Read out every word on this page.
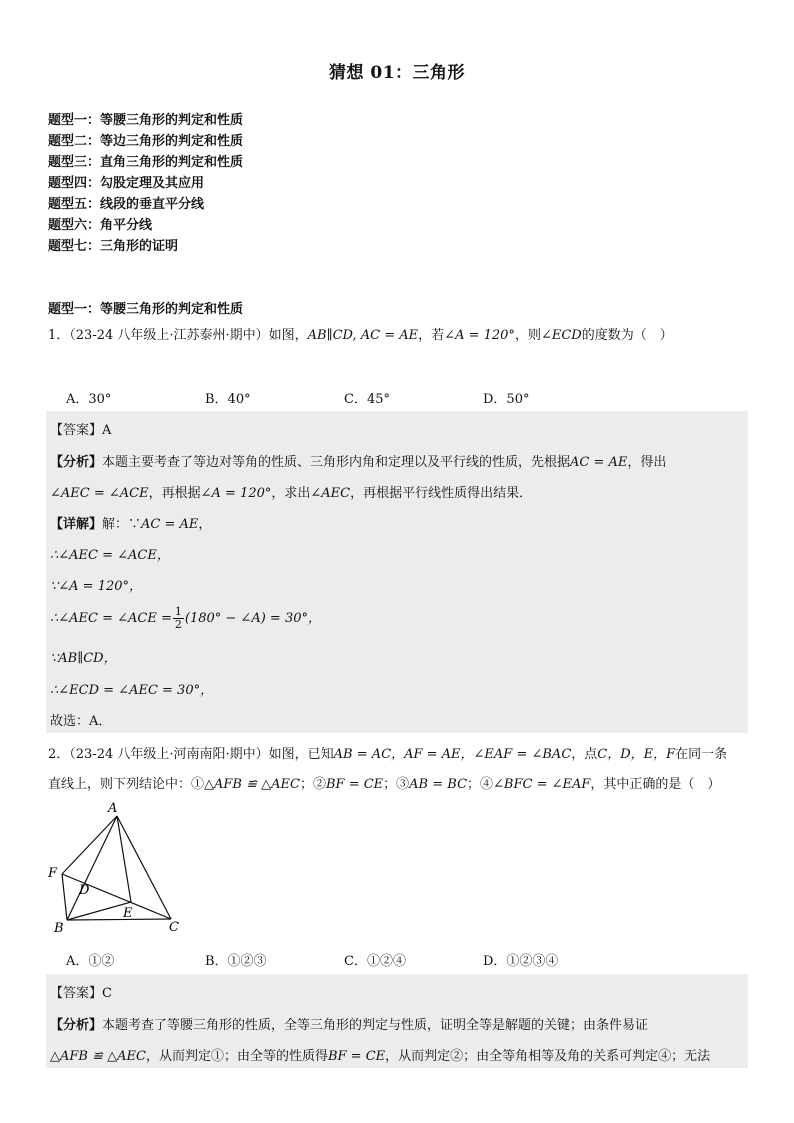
猜想 01：三角形
题型一：等腰三角形的判定和性质
题型二：等边三角形的判定和性质
题型三：直角三角形的判定和性质
题型四：勾股定理及其应用
题型五：线段的垂直平分线
题型六：角平分线
题型七：三角形的证明
题型一：等腰三角形的判定和性质
1．（23-24 八年级上·江苏泰州·期中）如图，AB∥CD, AC = AE，若∠A = 120°，则∠ECD的度数为（　）
A．30°	B．40°	C．45°	D．50°
【答案】A
【分析】本题主要考查了等边对等角的性质、三角形内角和定理以及平行线的性质，先根据AC = AE，得出
∠AEC = ∠ACE，再根据∠A = 120°，求出∠AEC，再根据平行线性质得出结果．
【详解】解：∵AC = AE，
∴∠AEC = ∠ACE，
∵∠A = 120°，
∴∠AEC = ∠ACE = $\frac{1}{2} (180^\circ$ − ∠A) = 30°，
∵AB∥CD，
∴∠ECD = ∠AEC = 30°，
故选：A．
2．（23-24 八年级上·河南南阳·期中）如图，已知AB = AC，AF = AE，∠EAF = ∠BAC，点C，D，E，F在同一条
直线上，则下列结论中：①△AFB ≌ △AEC；②BF = CE；③AB = BC；④∠BFC = ∠EAF，其中正确的是（　）
A
F
D
E
B	C
A．①②	B．①②③	C．①②④	D．①②③④
【答案】C
【分析】本题考查了等腰三角形的性质，全等三角形的判定与性质，证明全等是解题的关键；由条件易证
△AFB ≌ △AEC，从而判定①；由全等的性质得BF = CE，从而判定②；由全等角相等及角的关系可判定④；无法
